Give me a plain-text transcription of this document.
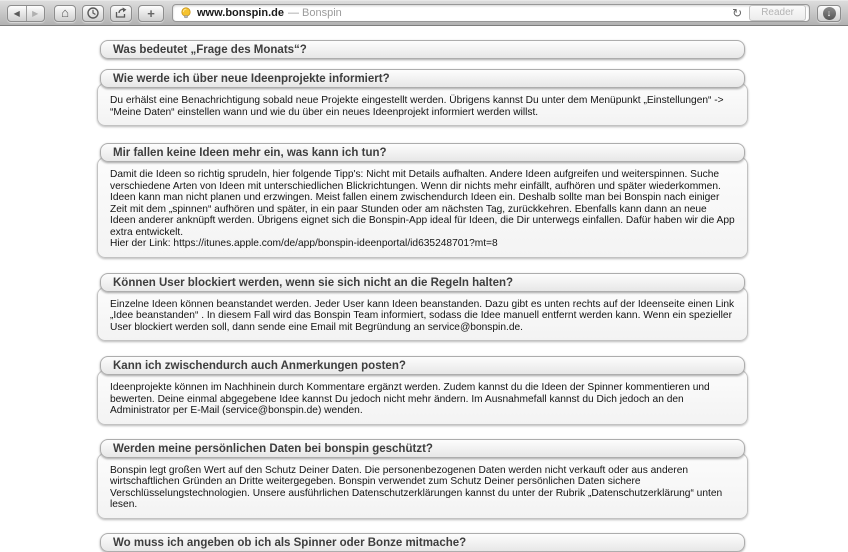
◀ ▶ ⌂	+	www.bonspin.de — Bonspin	↻	Reader	↓
Was bedeutet „Frage des Monats“?
Wie werde ich über neue Ideenprojekte informiert?
Du erhälst eine Benachrichtigung sobald neue Projekte eingestellt werden. Übrigens kannst Du unter dem Menüpunkt „Einstellungen“ -> “Meine Daten“ einstellen wann und wie du über ein neues Ideenprojekt informiert werden willst.
Mir fallen keine Ideen mehr ein, was kann ich tun?
Damit die Ideen so richtig sprudeln, hier folgende Tipp's: Nicht mit Details aufhalten. Andere Ideen aufgreifen und weiterspinnen. Suche verschiedene Arten von Ideen mit unterschiedlichen Blickrichtungen. Wenn dir nichts mehr einfällt, aufhören und später wiederkommen. Ideen kann man nicht planen und erzwingen. Meist fallen einem zwischendurch Ideen ein. Deshalb sollte man bei Bonspin nach einiger Zeit mit dem „spinnen“ aufhören und später, in ein paar Stunden oder am nächsten Tag, zurückkehren. Ebenfalls kann dann an neue Ideen anderer anknüpft werden. Übrigens eignet sich die Bonspin-App ideal für Ideen, die Dir unterwegs einfallen. Dafür haben wir die App extra entwickelt.
Hier der Link: https://itunes.apple.com/de/app/bonspin-ideenportal/id635248701?mt=8
Können User blockiert werden, wenn sie sich nicht an die Regeln halten?
Einzelne Ideen können beanstandet werden. Jeder User kann Ideen beanstanden. Dazu gibt es unten rechts auf der Ideenseite einen Link „Idee beanstanden“ . In diesem Fall wird das Bonspin Team informiert, sodass die Idee manuell entfernt werden kann. Wenn ein spezieller User blockiert werden soll, dann sende eine Email mit Begründung an service@bonspin.de.
Kann ich zwischendurch auch Anmerkungen posten?
Ideenprojekte können im Nachhinein durch Kommentare ergänzt werden. Zudem kannst du die Ideen der Spinner kommentieren und bewerten. Deine einmal abgegebene Idee kannst Du jedoch nicht mehr ändern. Im Ausnahmefall kannst du Dich jedoch an den Administrator per E-Mail (service@bonspin.de) wenden.
Werden meine persönlichen Daten bei bonspin geschützt?
Bonspin legt großen Wert auf den Schutz Deiner Daten. Die personenbezogenen Daten werden nicht verkauft oder aus anderen wirtschaftlichen Gründen an Dritte weitergegeben. Bonspin verwendet zum Schutz Deiner persönlichen Daten sichere Verschlüsselungstechnologien. Unsere ausführlichen Datenschutzerklärungen kannst du unter der Rubrik „Datenschutzerklärung“ unten lesen.
Wo muss ich angeben ob ich als Spinner oder Bonze mitmache?
